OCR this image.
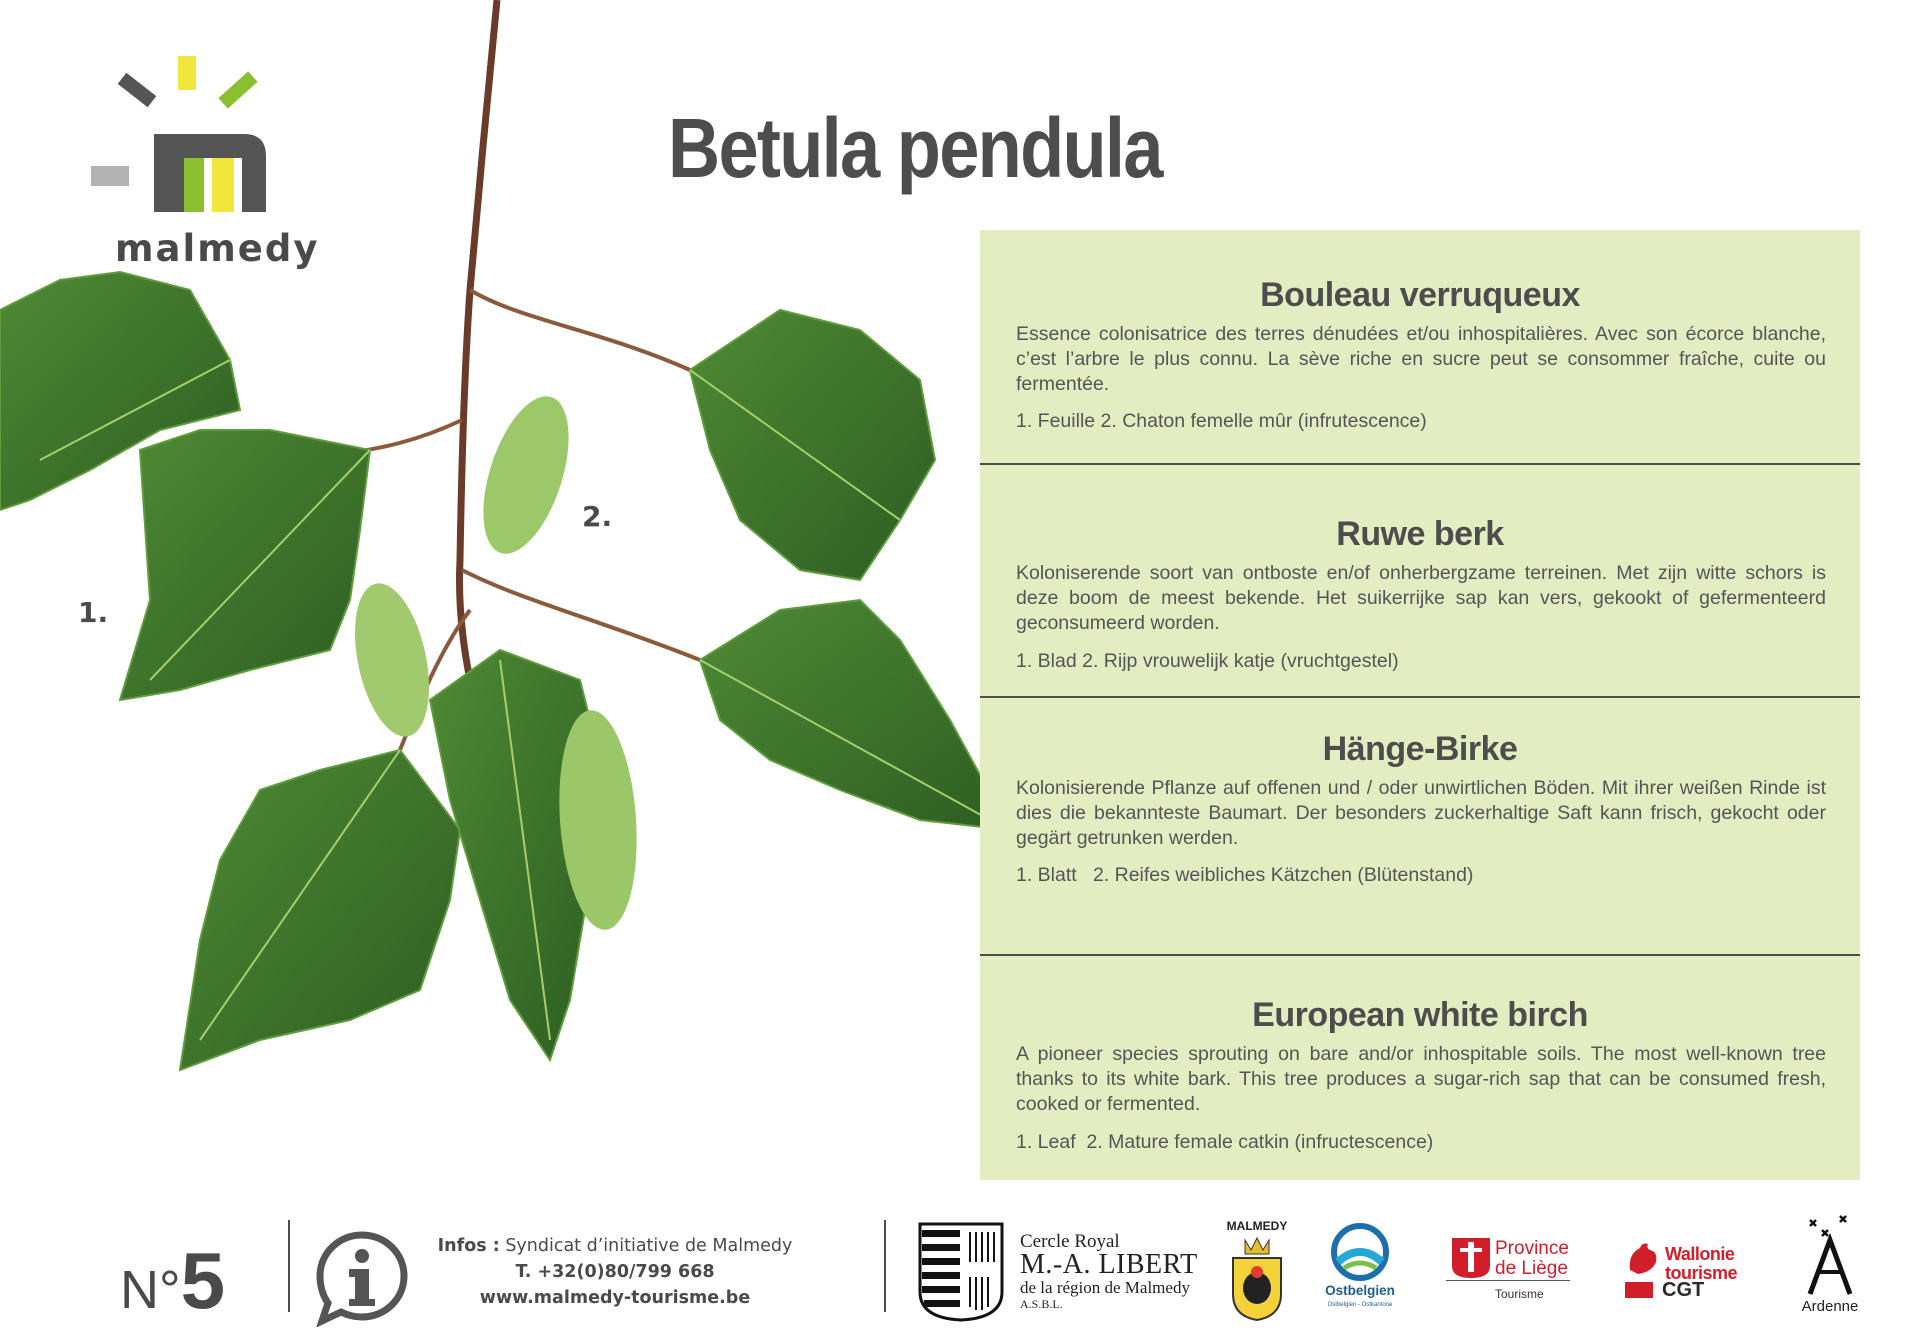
malmedy
Betula pendula
1.
2.
Bouleau verruqueux
Essence colonisatrice des terres dénudées et/ou inhospitalières. Avec son écorce blanche, c’est l’arbre le plus connu. La sève riche en sucre peut se consommer fraîche, cuite ou fermentée.
1. Feuille 2. Chaton femelle mûr (infrutescence)
Ruwe berk
Koloniserende soort van ontboste en/of onherbergzame terreinen. Met zijn witte schors is deze boom de meest bekende. Het suikerrijke sap kan vers, gekookt of gefermenteerd geconsumeerd worden.
1. Blad 2. Rijp vrouwelijk katje (vruchtgestel)
Hänge-Birke
Kolonisierende Pflanze auf offenen und / oder unwirtlichen Böden. Mit ihrer weißen Rinde ist dies die bekannteste Baumart. Der besonders zuckerhaltige Saft kann frisch, gekocht oder gegärt getrunken werden.
1. Blatt   2. Reifes weibliches Kätzchen (Blütenstand)
European white birch
A pioneer species sprouting on bare and/or inhospitable soils. The most well-known tree thanks to its white bark. This tree produces a sugar-rich sap that can be consumed fresh, cooked or fermented.
1. Leaf  2. Mature female catkin (infructescence)
N°5	Infos : Syndicat d’initiative de Malmedy
T. +32(0)80/799 668
www.malmedy-tourisme.be
Cercle Royal
M.-A. LIBERT
de la région de Malmedy
A.S.B.L.
MALMEDY
Ostbelgien
Ostbelgien - Ostkantone
Province
de Liège
Tourisme
Wallonie
tourisme
CGT
Ardenne
